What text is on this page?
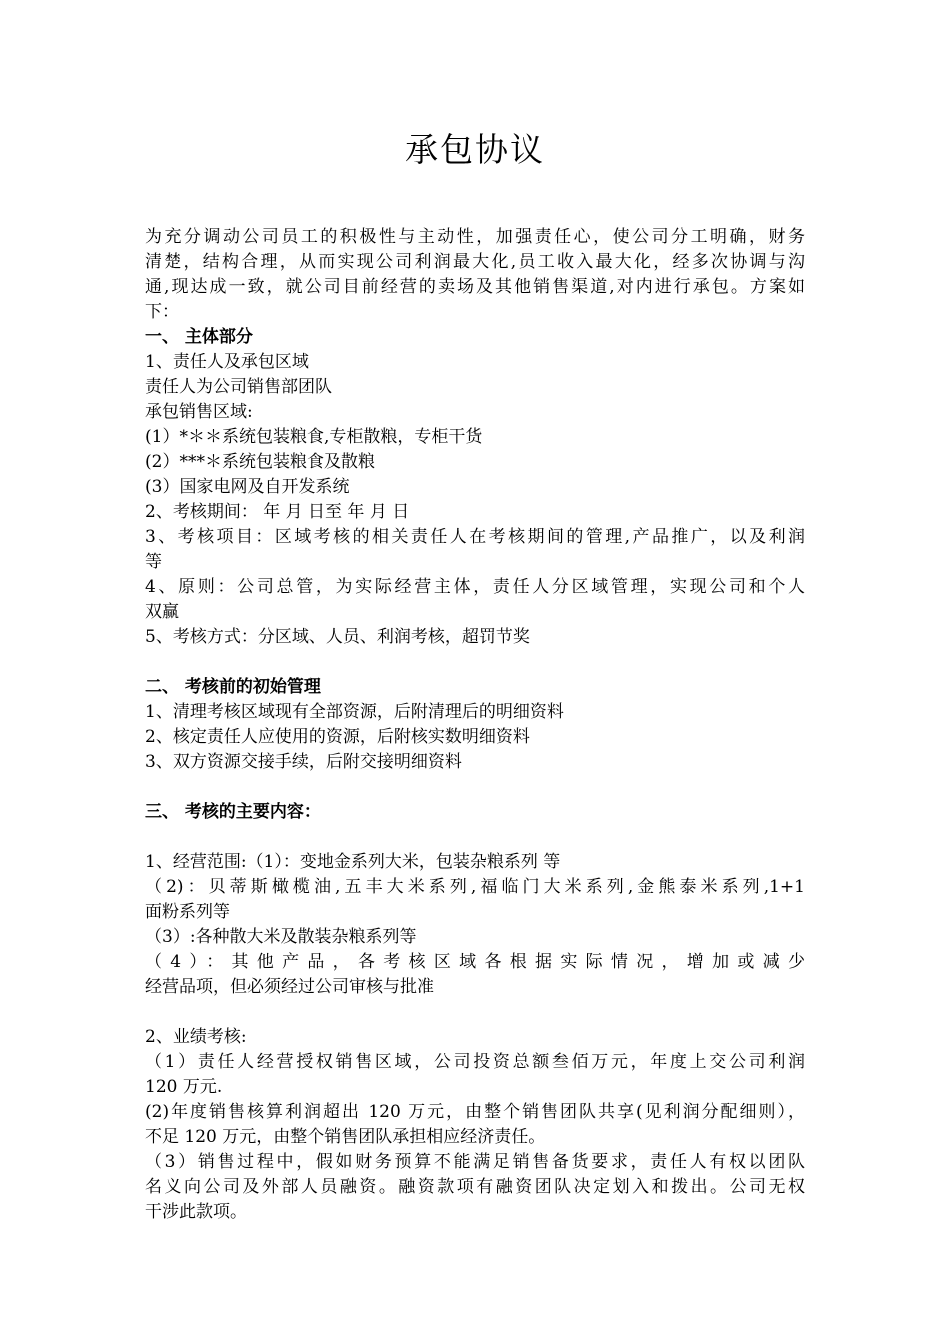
承包协议
为充分调动公司员工的积极性与主动性，加强责任心，使公司分工明确，财务
清楚，结构合理，从而实现公司利润最大化,员工收入最大化，经多次协调与沟
通,现达成一致，就公司目前经营的卖场及其他销售渠道,对内进行承包。方案如
下：
一、 主体部分
1、责任人及承包区域
责任人为公司销售部团队
承包销售区域:
(1）*＊＊系统包装粮食,专柜散粮，专柜干货
(2）***＊系统包装粮食及散粮
(3）国家电网及自开发系统
2、考核期间： 年 月 日至 年 月 日
3、考核项目：区域考核的相关责任人在考核期间的管理,产品推广，以及利润
等
4、原则：公司总管，为实际经营主体，责任人分区域管理，实现公司和个人
双赢
5、考核方式：分区域、人员、利润考核，超罚节奖
二、 考核前的初始管理
1、清理考核区域现有全部资源，后附清理后的明细资料
2、核定责任人应使用的资源，后附核实数明细资料
3、双方资源交接手续，后附交接明细资料
三、 考核的主要内容：
1、经营范围:（1）：变地金系列大米，包装杂粮系列 等
（2)：贝蒂斯橄榄油,五丰大米系列,福临门大米系列,金熊泰米系列,1+1
面粉系列等
（3）:各种散大米及散装杂粮系列等
（4）：其他产品，各考核区域各根据实际情况，增加或减少
经营品项，但必须经过公司审核与批准
2、业绩考核:
（1）责任人经营授权销售区域，公司投资总额叁佰万元，年度上交公司利润
120 万元.
(2)年度销售核算利润超出 120 万元，由整个销售团队共享(见利润分配细则），
不足 120 万元，由整个销售团队承担相应经济责任。
（3）销售过程中，假如财务预算不能满足销售备货要求，责任人有权以团队
名义向公司及外部人员融资。融资款项有融资团队决定划入和拨出。公司无权
干涉此款项。
